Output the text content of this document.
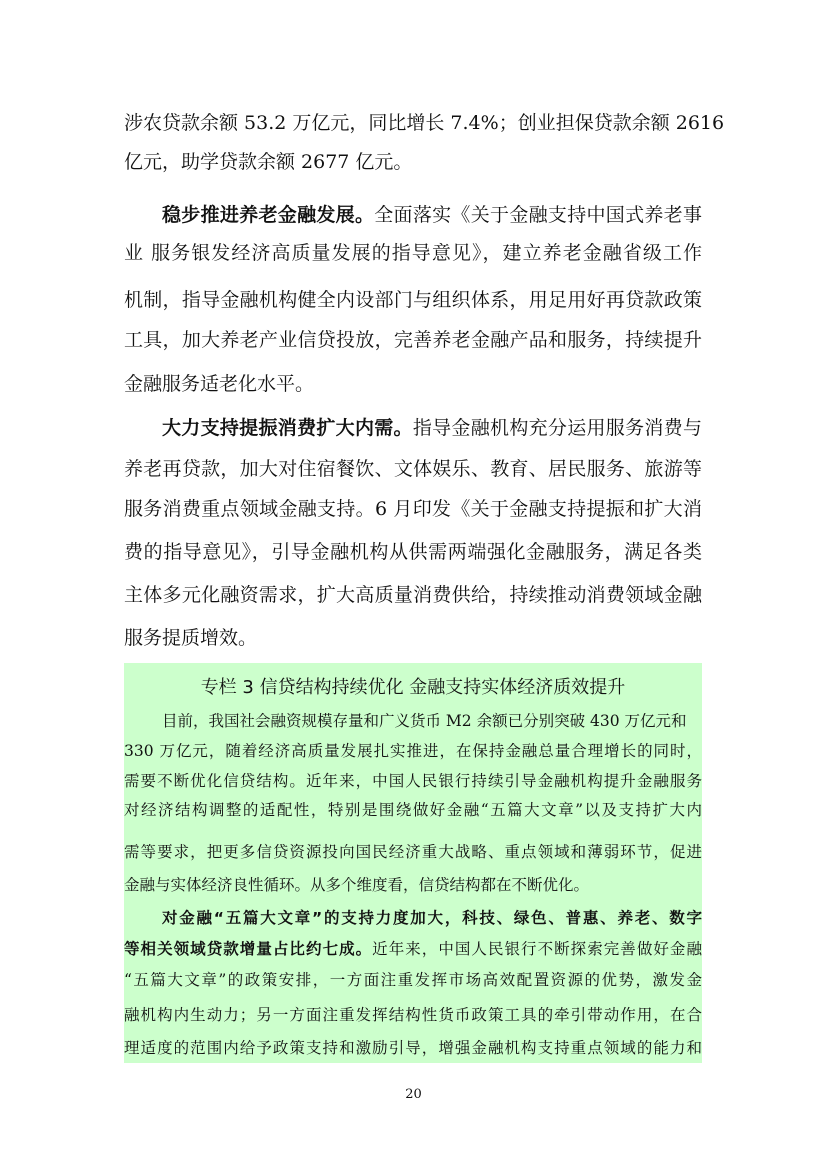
涉农贷款余额 53.2 万亿元，同比增长 7.4%；创业担保贷款余额 2616
亿元，助学贷款余额 2677 亿元。
稳步推进养老金融发展。全面落实《关于金融支持中国式养老事
业 服务银发经济高质量发展的指导意见》，建立养老金融省级工作
机制，指导金融机构健全内设部门与组织体系，用足用好再贷款政策
工具，加大养老产业信贷投放，完善养老金融产品和服务，持续提升
金融服务适老化水平。
大力支持提振消费扩大内需。指导金融机构充分运用服务消费与
养老再贷款，加大对住宿餐饮、文体娱乐、教育、居民服务、旅游等
服务消费重点领域金融支持。6 月印发《关于金融支持提振和扩大消
费的指导意见》，引导金融机构从供需两端强化金融服务，满足各类
主体多元化融资需求，扩大高质量消费供给，持续推动消费领域金融
服务提质增效。
专栏 3 信贷结构持续优化 金融支持实体经济质效提升
目前，我国社会融资规模存量和广义货币 M2 余额已分别突破 430 万亿元和
330 万亿元，随着经济高质量发展扎实推进，在保持金融总量合理增长的同时，
需要不断优化信贷结构。近年来，中国人民银行持续引导金融机构提升金融服务
对经济结构调整的适配性，特别是围绕做好金融“五篇大文章”以及支持扩大内
需等要求，把更多信贷资源投向国民经济重大战略、重点领域和薄弱环节，促进
金融与实体经济良性循环。从多个维度看，信贷结构都在不断优化。
对金融“五篇大文章”的支持力度加大，科技、绿色、普惠、养老、数字
等相关领域贷款增量占比约七成。近年来，中国人民银行不断探索完善做好金融
“五篇大文章”的政策安排，一方面注重发挥市场高效配置资源的优势，激发金
融机构内生动力；另一方面注重发挥结构性货币政策工具的牵引带动作用，在合
理适度的范围内给予政策支持和激励引导，增强金融机构支持重点领域的能力和
20
